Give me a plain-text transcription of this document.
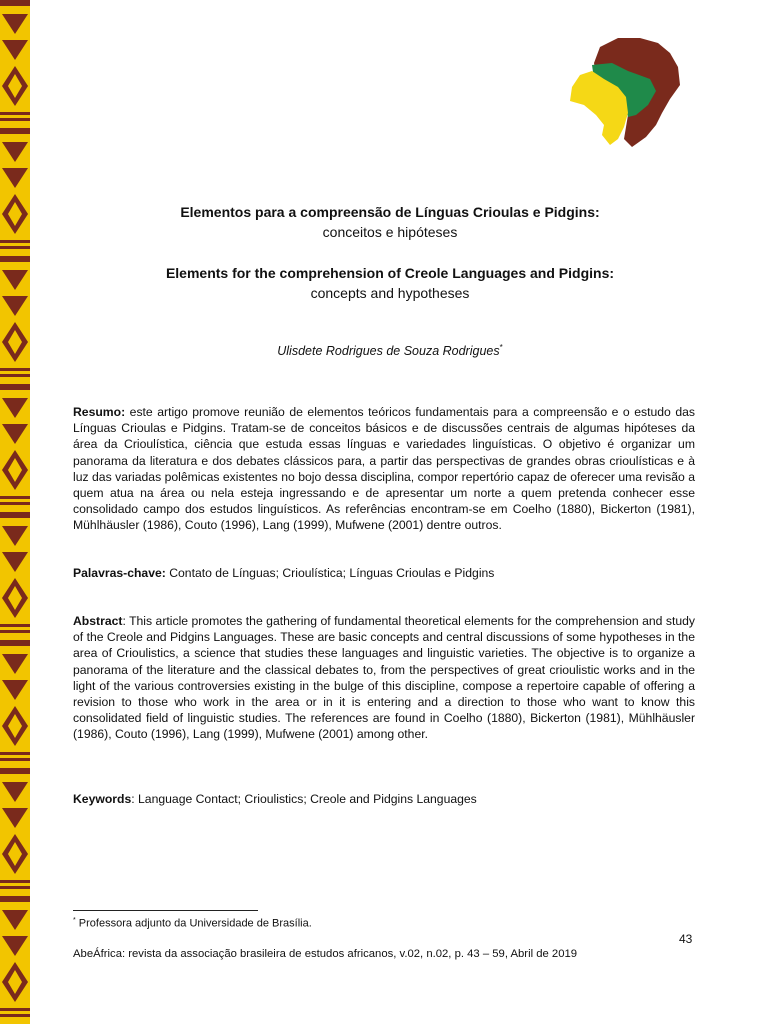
Elementos para a compreensão de Línguas Crioulas e Pidgins:
conceitos e hipóteses
Elements for the comprehension of Creole Languages and Pidgins:
concepts and hypotheses
Ulisdete Rodrigues de Souza Rodrigues*
Resumo: este artigo promove reunião de elementos teóricos fundamentais para a compreensão e o estudo das Línguas Crioulas e Pidgins. Tratam-se de conceitos básicos e de discussões centrais de algumas hipóteses da área da Crioulística, ciência que estuda essas línguas e variedades linguísticas. O objetivo é organizar um panorama da literatura e dos debates clássicos para, a partir das perspectivas de grandes obras crioulísticas e à luz das variadas polêmicas existentes no bojo dessa disciplina, compor repertório capaz de oferecer uma revisão a quem atua na área ou nela esteja ingressando e de apresentar um norte a quem pretenda conhecer esse consolidado campo dos estudos linguísticos. As referências encontram-se em Coelho (1880), Bickerton (1981), Mühlhäusler (1986), Couto (1996), Lang (1999), Mufwene (2001) dentre outros.
Palavras-chave: Contato de Línguas; Crioulística; Línguas Crioulas e Pidgins
Abstract: This article promotes the gathering of fundamental theoretical elements for the comprehension and study of the Creole and Pidgins Languages. These are basic concepts and central discussions of some hypotheses in the area of Crioulistics, a science that studies these languages and linguistic varieties. The objective is to organize a panorama of the literature and the classical debates to, from the perspectives of great crioulistic works and in the light of the various controversies existing in the bulge of this discipline, compose a repertoire capable of offering a revision to those who work in the area or in it is entering and a direction to those who want to know this consolidated field of linguistic studies. The references are found in Coelho (1880), Bickerton (1981), Mühlhäusler (1986), Couto (1996), Lang (1999), Mufwene (2001) among other.
Keywords: Language Contact; Crioulistics; Creole and Pidgins Languages
* Professora adjunto da Universidade de Brasília.
43
AbeÁfrica: revista da associação brasileira de estudos africanos, v.02, n.02, p. 43 – 59, Abril de 2019
